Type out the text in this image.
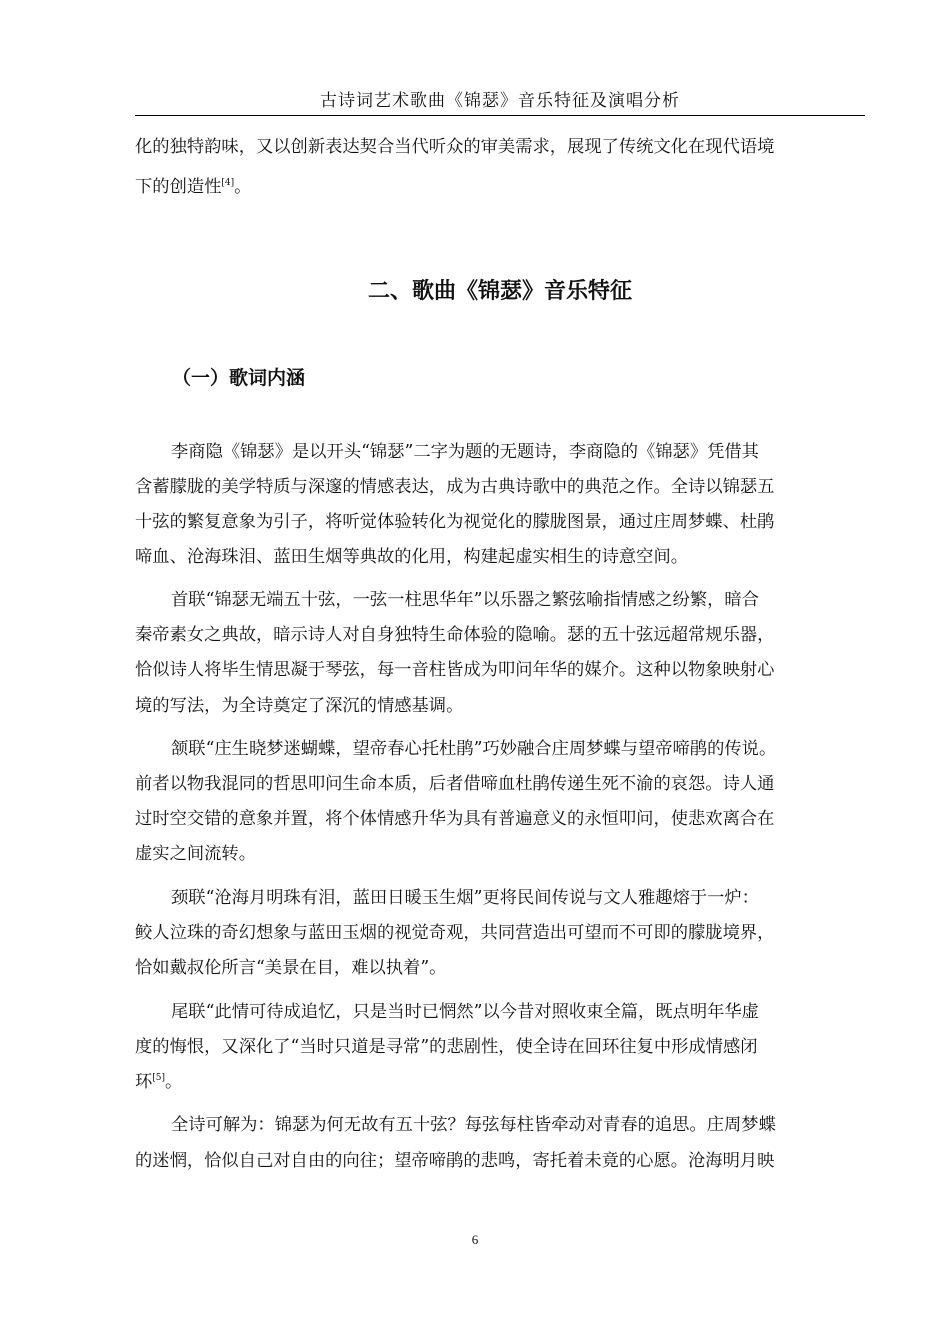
古诗词艺术歌曲《锦瑟》音乐特征及演唱分析
化的独特韵味，又以创新表达契合当代听众的审美需求，展现了传统文化在现代语境
下的创造性[4]。
二、歌曲《锦瑟》音乐特征
（一）歌词内涵
李商隐《锦瑟》是以开头“锦瑟”二字为题的无题诗，李商隐的《锦瑟》凭借其
含蓄朦胧的美学特质与深邃的情感表达，成为古典诗歌中的典范之作。全诗以锦瑟五
十弦的繁复意象为引子，将听觉体验转化为视觉化的朦胧图景，通过庄周梦蝶、杜鹃
啼血、沧海珠泪、蓝田生烟等典故的化用，构建起虚实相生的诗意空间。
首联“锦瑟无端五十弦，一弦一柱思华年”以乐器之繁弦喻指情感之纷繁，暗合
秦帝素女之典故，暗示诗人对自身独特生命体验的隐喻。瑟的五十弦远超常规乐器，
恰似诗人将毕生情思凝于琴弦，每一音柱皆成为叩问年华的媒介。这种以物象映射心
境的写法，为全诗奠定了深沉的情感基调。
颔联“庄生晓梦迷蝴蝶，望帝春心托杜鹃”巧妙融合庄周梦蝶与望帝啼鹃的传说。
前者以物我混同的哲思叩问生命本质，后者借啼血杜鹃传递生死不渝的哀怨。诗人通
过时空交错的意象并置，将个体情感升华为具有普遍意义的永恒叩问，使悲欢离合在
虚实之间流转。
颈联“沧海月明珠有泪，蓝田日暖玉生烟”更将民间传说与文人雅趣熔于一炉：
鲛人泣珠的奇幻想象与蓝田玉烟的视觉奇观，共同营造出可望而不可即的朦胧境界，
恰如戴叔伦所言“美景在目，难以执着”。
尾联“此情可待成追忆，只是当时已惘然”以今昔对照收束全篇，既点明年华虚
度的悔恨，又深化了“当时只道是寻常”的悲剧性，使全诗在回环往复中形成情感闭
环[5]。
全诗可解为：锦瑟为何无故有五十弦？每弦每柱皆牵动对青春的追思。庄周梦蝶
的迷惘，恰似自己对自由的向往；望帝啼鹃的悲鸣，寄托着未竟的心愿。沧海明月映
6
